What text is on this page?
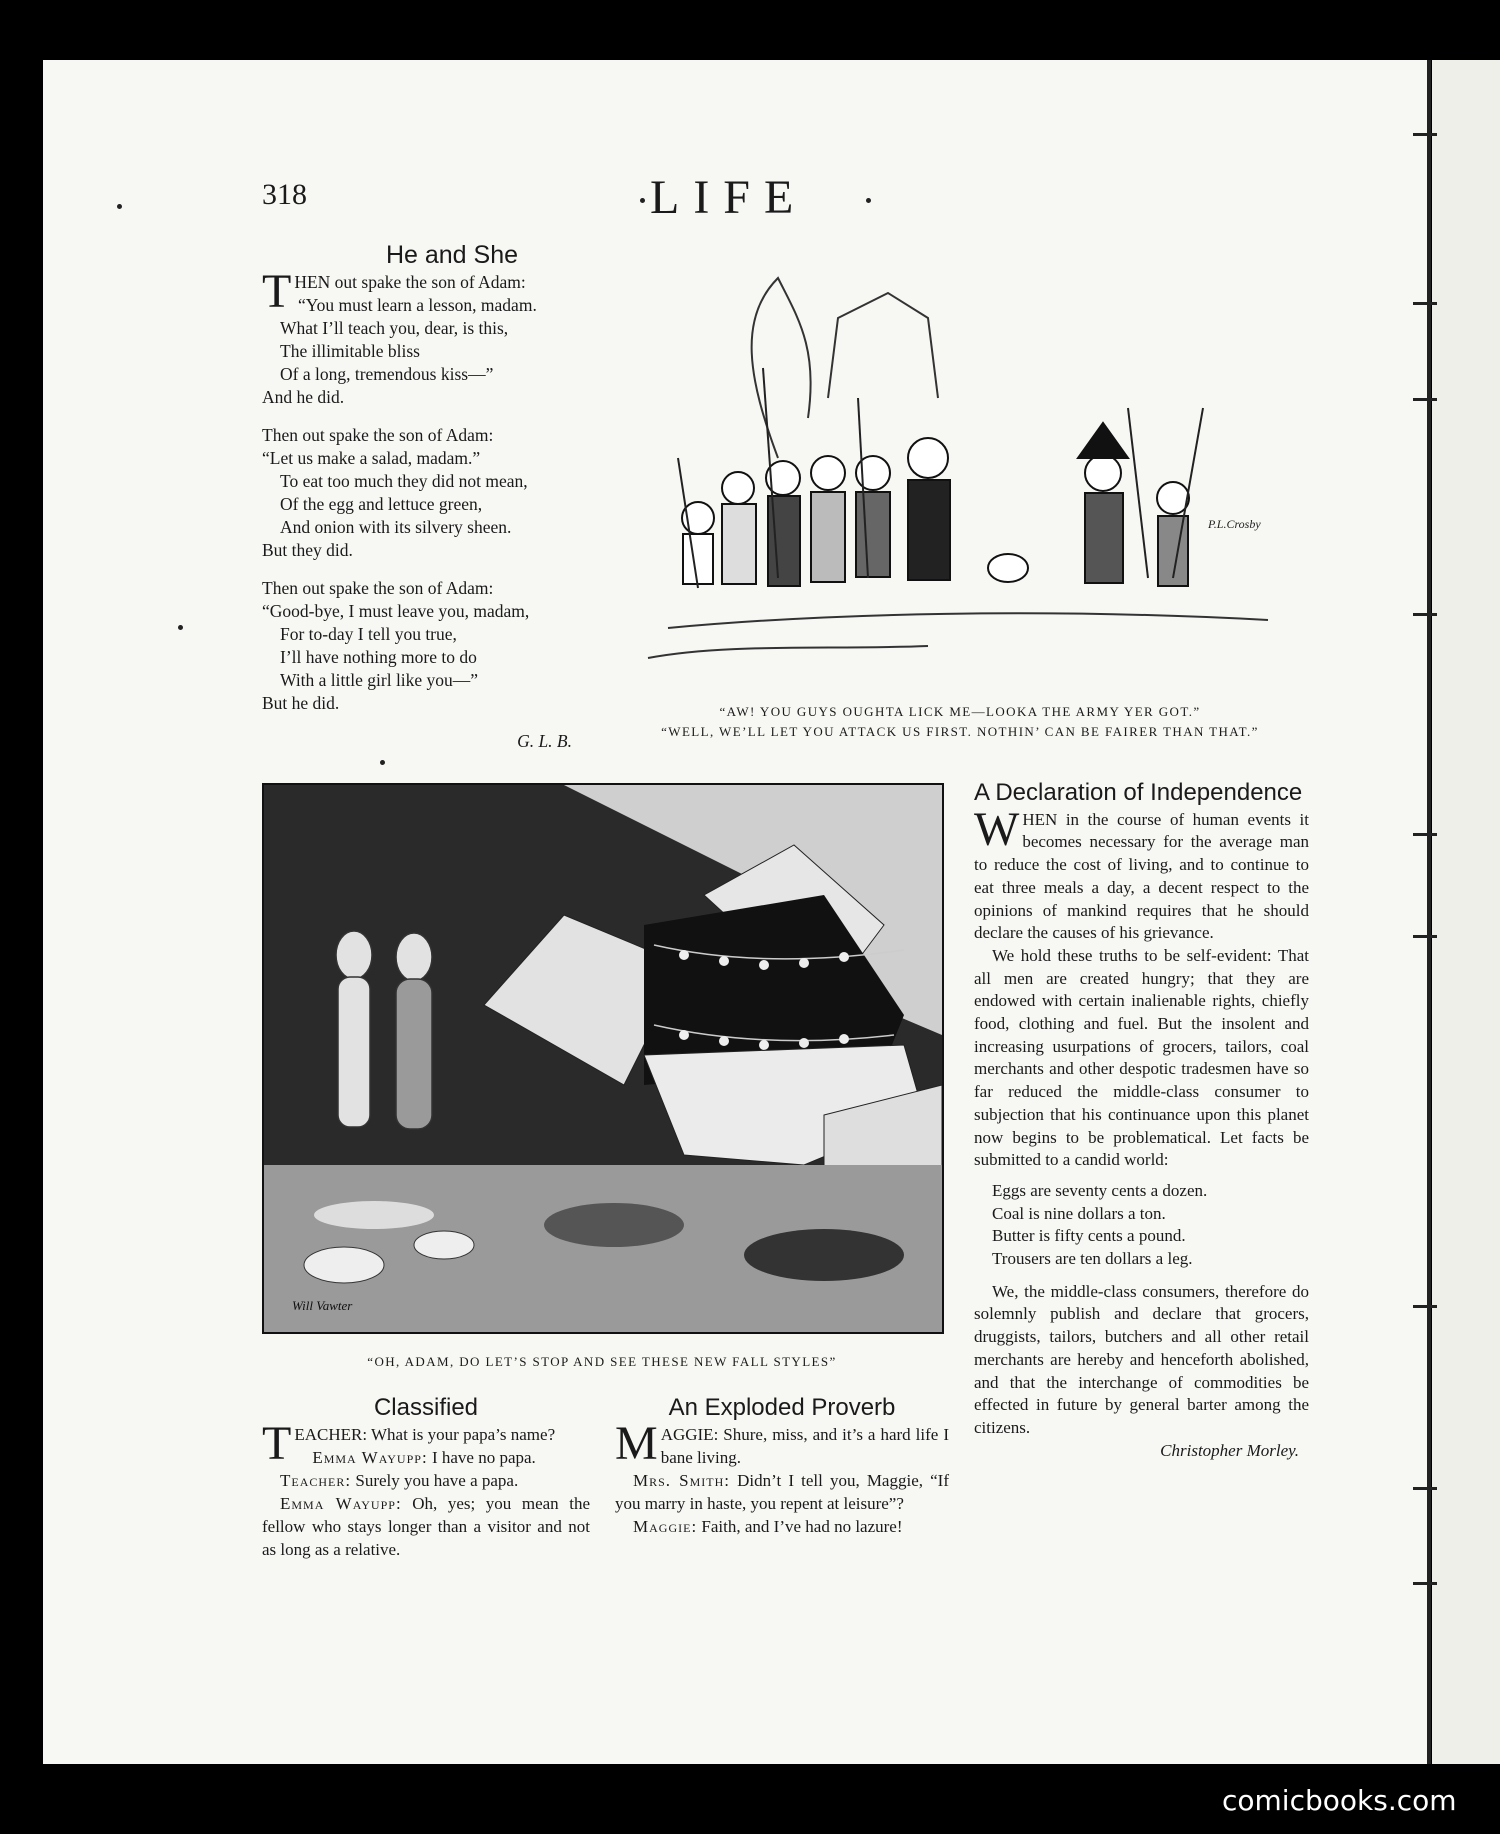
318	LIFE
He and She

THEN out spake the son of Adam:

“You must learn a lesson, madam.

What I’ll teach you, dear, is this,

The illimitable bliss

Of a long, tremendous kiss—”

And he did.

Then out spake the son of Adam:

“Let us make a salad, madam.”

To eat too much they did not mean,

Of the egg and lettuce green,

And onion with its silvery sheen.

But they did.

Then out spake the son of Adam:

“Good-bye, I must leave you, madam,

For to-day I tell you true,

I’ll have nothing more to do

With a little girl like you—”

But he did.

G. L. B.

P.L.Crosby
“AW! YOU GUYS OUGHTA LICK ME—LOOKA THE ARMY YER GOT.”
“WELL, WE’LL LET YOU ATTACK US FIRST. NOTHIN’ CAN BE FAIRER THAN THAT.”
Will Vawter
“OH, ADAM, DO LET’S STOP AND SEE THESE NEW FALL STYLES”
A Declaration of Independence

WHEN in the course of human events it becomes necessary for the average man to reduce the cost of living, and to continue to eat three meals a day, a decent respect to the opinions of mankind requires that he should declare the causes of his grievance.

We hold these truths to be self-evident: That all men are created hungry; that they are endowed with certain inalienable rights, chiefly food, clothing and fuel. But the insolent and increasing usurpations of grocers, tailors, coal merchants and other despotic tradesmen have so far reduced the middle-class consumer to subjection that his continuance upon this planet now begins to be problematical. Let facts be submitted to a candid world:

Eggs are seventy cents a dozen.
Coal is nine dollars a ton.
Butter is fifty cents a pound.
Trousers are ten dollars a leg.

We, the middle-class consumers, therefore do solemnly publish and declare that grocers, druggists, tailors, butchers and all other retail merchants are hereby and henceforth abolished, and that the interchange of commodities be effected in future by general barter among the citizens.

Christopher Morley.

Classified

TEACHER: What is your papa’s name?

Emma Wayupp: I have no papa.

Teacher: Surely you have a papa.

Emma Wayupp: Oh, yes; you mean the fellow who stays longer than a visitor and not as long as a relative.

An Exploded Proverb

MAGGIE: Shure, miss, and it’s a hard life I bane living.

Mrs. Smith: Didn’t I tell you, Maggie, “If you marry in haste, you repent at leisure”?

Maggie: Faith, and I’ve had no lazure!

comicbooks.com
